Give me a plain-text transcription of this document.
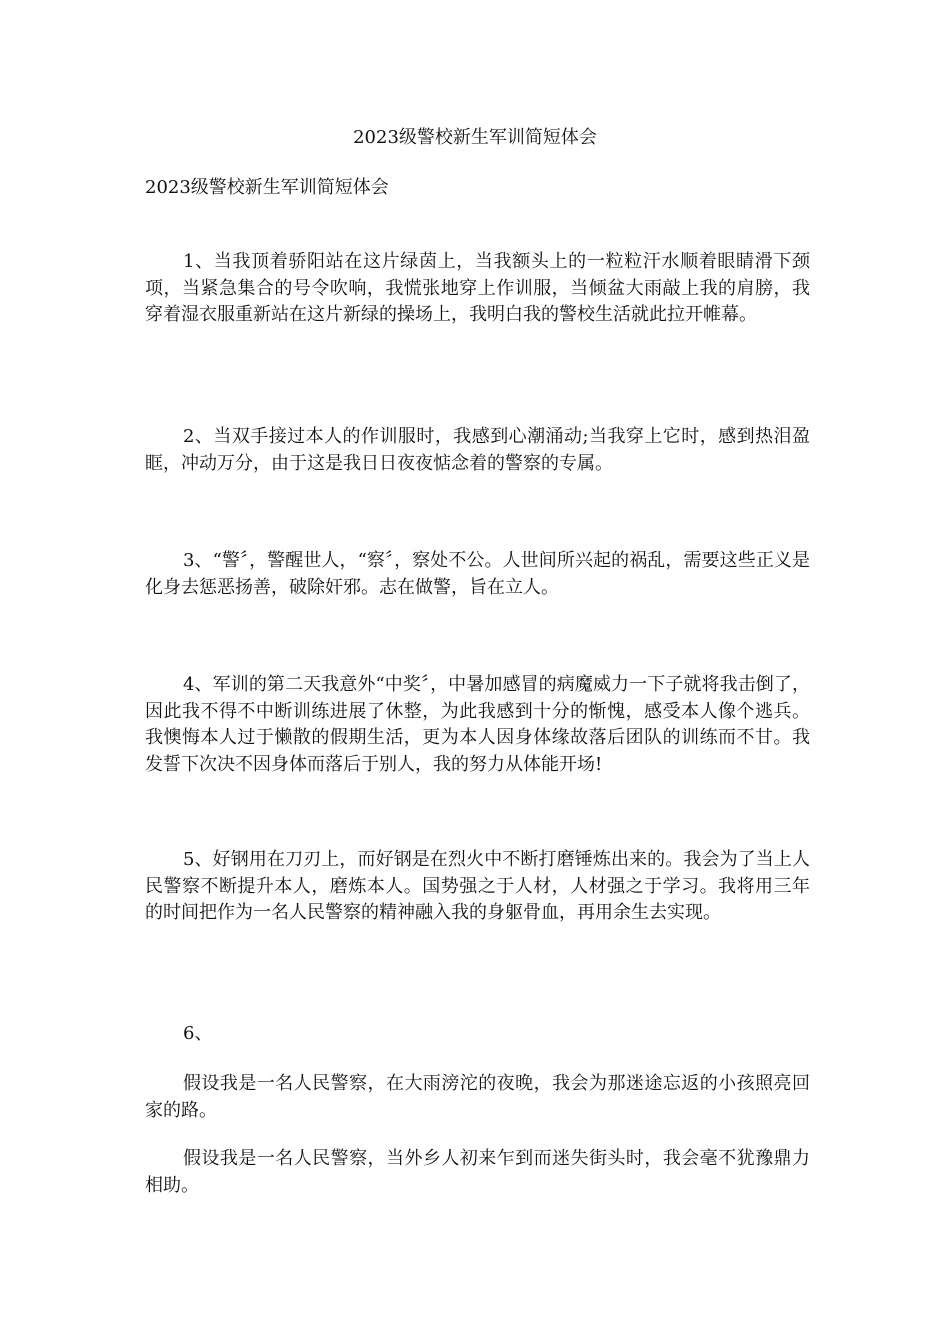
2023级警校新生军训简短体会

2023级警校新生军训简短体会

1、当我顶着骄阳站在这片绿茵上，当我额头上的一粒粒汗水顺着眼睛滑下颈项，当紧急集合的号令吹响，我慌张地穿上作训服，当倾盆大雨敲上我的肩膀，我穿着湿衣服重新站在这片新绿的操场上，我明白我的警校生活就此拉开帷幕。

2、当双手接过本人的作训服时，我感到心潮涌动;当我穿上它时，感到热泪盈眶，冲动万分，由于这是我日日夜夜惦念着的警察的专属。

3、“警〞，警醒世人，“察〞，察处不公。人世间所兴起的祸乱，需要这些正义是化身去惩恶扬善，破除奸邪。志在做警，旨在立人。

4、军训的第二天我意外“中奖〞，中暑加感冒的病魔威力一下子就将我击倒了，因此我不得不中断训练进展了休整，为此我感到十分的惭愧，感受本人像个逃兵。我懊悔本人过于懒散的假期生活，更为本人因身体缘故落后团队的训练而不甘。我发誓下次决不因身体而落后于别人，我的努力从体能开场!

5、好钢用在刀刃上，而好钢是在烈火中不断打磨锤炼出来的。我会为了当上人民警察不断提升本人，磨炼本人。国势强之于人材，人材强之于学习。我将用三年的时间把作为一名人民警察的精神融入我的身躯骨血，再用余生去实现。

6、

假设我是一名人民警察，在大雨滂沱的夜晚，我会为那迷途忘返的小孩照亮回家的路。

假设我是一名人民警察，当外乡人初来乍到而迷失街头时，我会毫不犹豫鼎力相助。
